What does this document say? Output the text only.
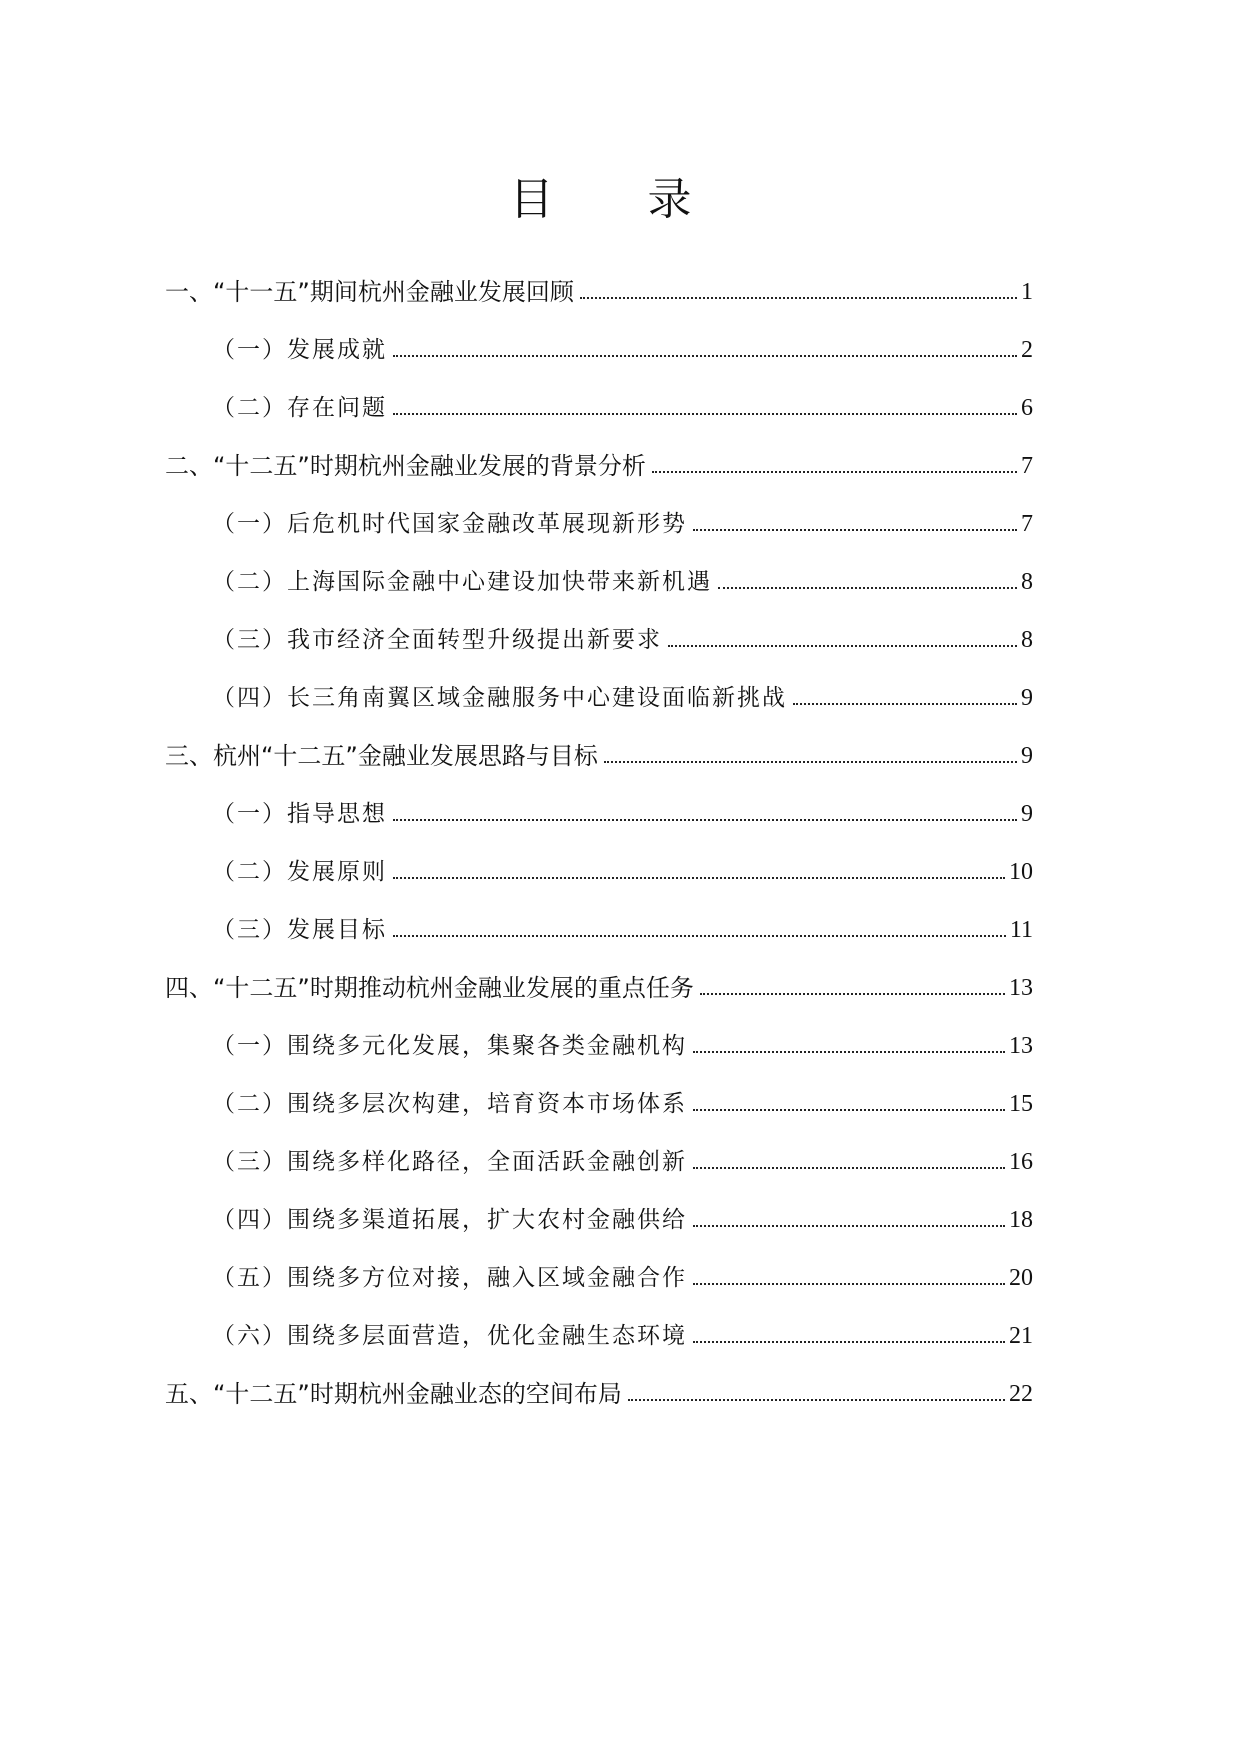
目 录
一、“十一五”期间杭州金融业发展回顾	1
（一）发展成就	2
（二）存在问题	6
二、“十二五”时期杭州金融业发展的背景分析	7
（一）后危机时代国家金融改革展现新形势	7
（二）上海国际金融中心建设加快带来新机遇	8
（三）我市经济全面转型升级提出新要求	8
（四）长三角南翼区域金融服务中心建设面临新挑战	9
三、杭州“十二五”金融业发展思路与目标	9
（一）指导思想	9
（二）发展原则	10
（三）发展目标	11
四、“十二五”时期推动杭州金融业发展的重点任务	13
（一）围绕多元化发展，集聚各类金融机构	13
（二）围绕多层次构建，培育资本市场体系	15
（三）围绕多样化路径，全面活跃金融创新	16
（四）围绕多渠道拓展，扩大农村金融供给	18
（五）围绕多方位对接，融入区域金融合作	20
（六）围绕多层面营造，优化金融生态环境	21
五、“十二五”时期杭州金融业态的空间布局	22
